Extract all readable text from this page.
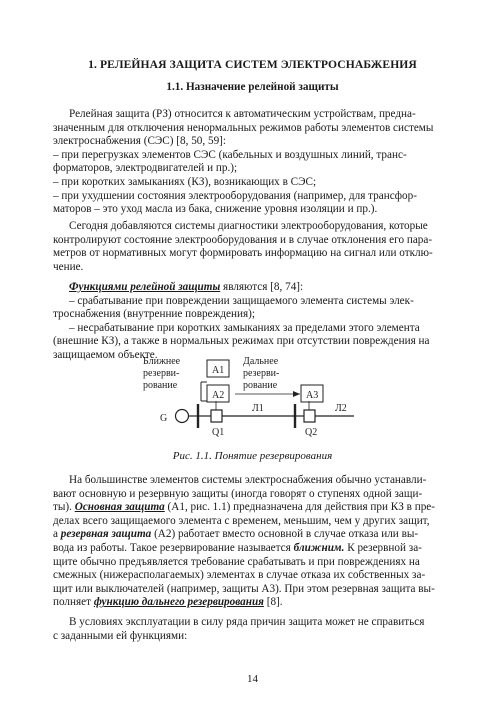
1. РЕЛЕЙНАЯ ЗАЩИТА СИСТЕМ ЭЛЕКТРОСНАБЖЕНИЯ
1.1. Назначение релейной защиты
Релейная защита (РЗ) относится к автоматическим устройствам, предна-
значенным для отключения ненормальных режимов работы элементов системы
электроснабжения (СЭС) [8, 50, 59]:
– при перегрузках элементов СЭС (кабельных и воздушных линий, транс-
форматоров, электродвигателей и пр.);
– при коротких замыканиях (КЗ), возникающих в СЭС;
– при ухудшении состояния электрооборудования (например, для трансфор-
маторов – это уход масла из бака, снижение уровня изоляции и пр.).
Сегодня добавляются системы диагностики электрооборудования, которые
контролируют состояние электрооборудования и в случае отклонения его пара-
метров от нормативных могут формировать информацию на сигнал или отклю-
чение.
Функциями релейной защиты являются [8, 74]:
– срабатывание при повреждении защищаемого элемента системы элек-
троснабжения (внутренние повреждения);
– несрабатывание при коротких замыканиях за пределами этого элемента
(внешние КЗ), а также в нормальных режимах при отсутствии повреждения на
защищаемом объекте.
Ближнее
резерви-
рование
Дальнее
резерви-
рование
А1
А2	А3
G
Л1
Q1
Л2
Q2
Рис. 1.1. Понятие резервирования
На большинстве элементов системы электроснабжения обычно устанавли-
вают основную и резервную защиты (иногда говорят о ступенях одной защи-
ты). Основная защита (А1, рис. 1.1) предназначена для действия при КЗ в пре-
делах всего защищаемого элемента с временем, меньшим, чем у других защит,
а резервная защита (А2) работает вместо основной в случае отказа или вы-
вода из работы. Такое резервирование называется ближним. К резервной за-
щите обычно предъявляется требование срабатывать и при повреждениях на
смежных (нижерасполагаемых) элементах в случае отказа их собственных за-
щит или выключателей (например, защиты А3). При этом резервная защита вы-
полняет функцию дальнего резервирования [8].
В условиях эксплуатации в силу ряда причин защита может не справиться
с заданными ей функциями:
14
